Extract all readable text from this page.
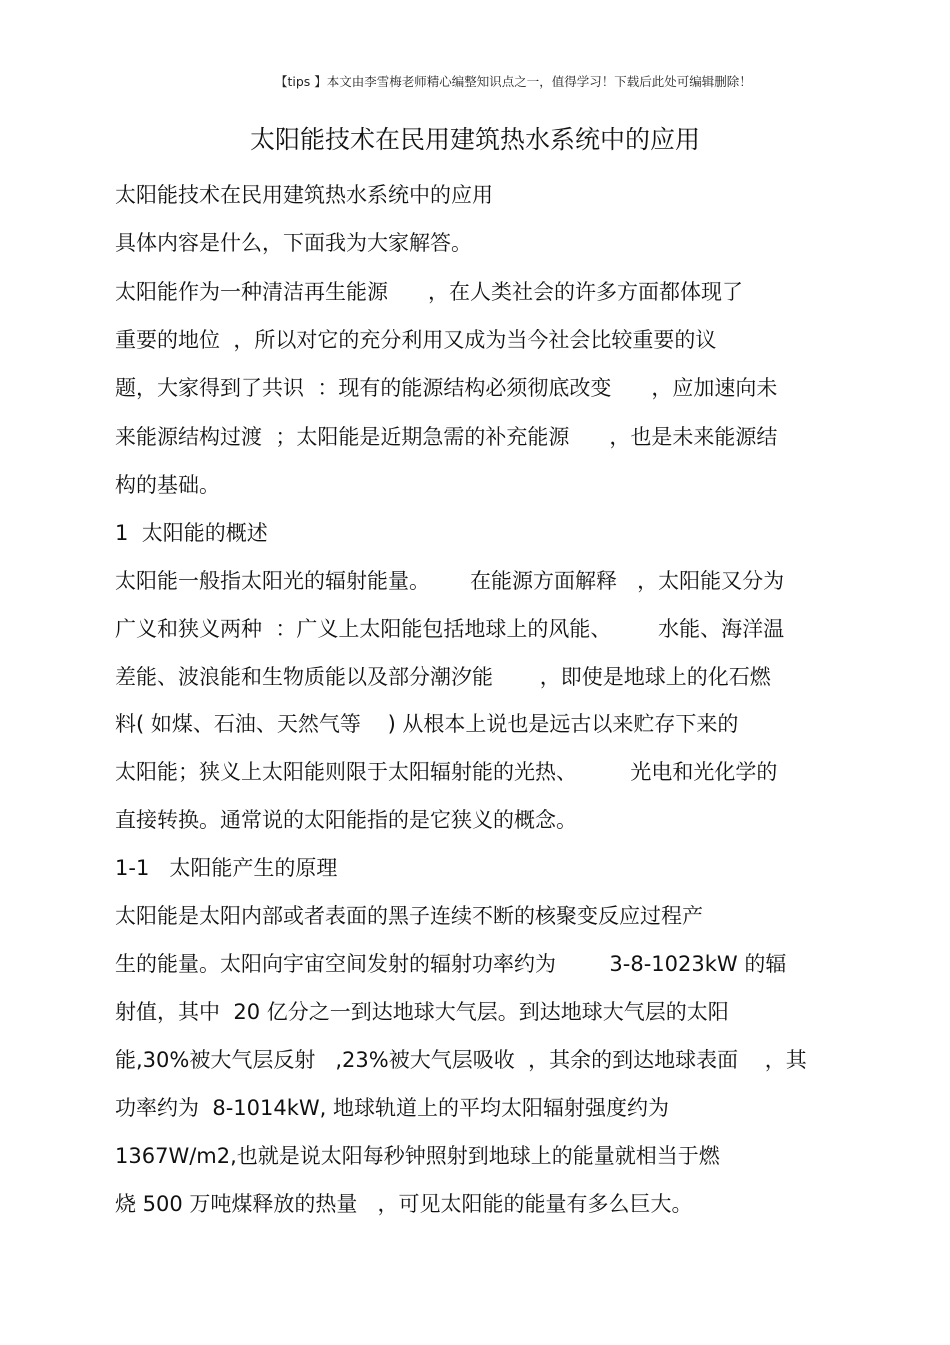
【tips 】本文由李雪梅老师精心编整知识点之一，值得学习！下载后此处可编辑删除！
太阳能技术在民用建筑热水系统中的应用
太阳能技术在民用建筑热水系统中的应用
具体内容是什么，下面我为大家解答。
太阳能作为一种清洁再生能源      ，在人类社会的许多方面都体现了
重要的地位  ，所以对它的充分利用又成为当今社会比较重要的议
题，大家得到了共识  ：现有的能源结构必须彻底改变      ，应加速向未
来能源结构过渡  ；太阳能是近期急需的补充能源      ，也是未来能源结
构的基础。
1  太阳能的概述
太阳能一般指太阳光的辐射能量。      在能源方面解释   ，太阳能又分为
广义和狭义两种  ：广义上太阳能包括地球上的风能、       水能、海洋温
差能、波浪能和生物质能以及部分潮汐能       ，即使是地球上的化石燃
料( 如煤、石油、天然气等    ) 从根本上说也是远古以来贮存下来的
太阳能；狭义上太阳能则限于太阳辐射能的光热、        光电和光化学的
直接转换。通常说的太阳能指的是它狭义的概念。
1-1   太阳能产生的原理
太阳能是太阳内部或者表面的黑子连续不断的核聚变反应过程产
生的能量。太阳向宇宙空间发射的辐射功率约为        3-8-1023kW 的辐
射值，其中  20 亿分之一到达地球大气层。到达地球大气层的太阳
能,30%被大气层反射   ,23%被大气层吸收  ，其余的到达地球表面    ，其
功率约为  8-1014kW, 地球轨道上的平均太阳辐射强度约为
1367W/m2,也就是说太阳每秒钟照射到地球上的能量就相当于燃
烧 500 万吨煤释放的热量   ，可见太阳能的能量有多么巨大。
